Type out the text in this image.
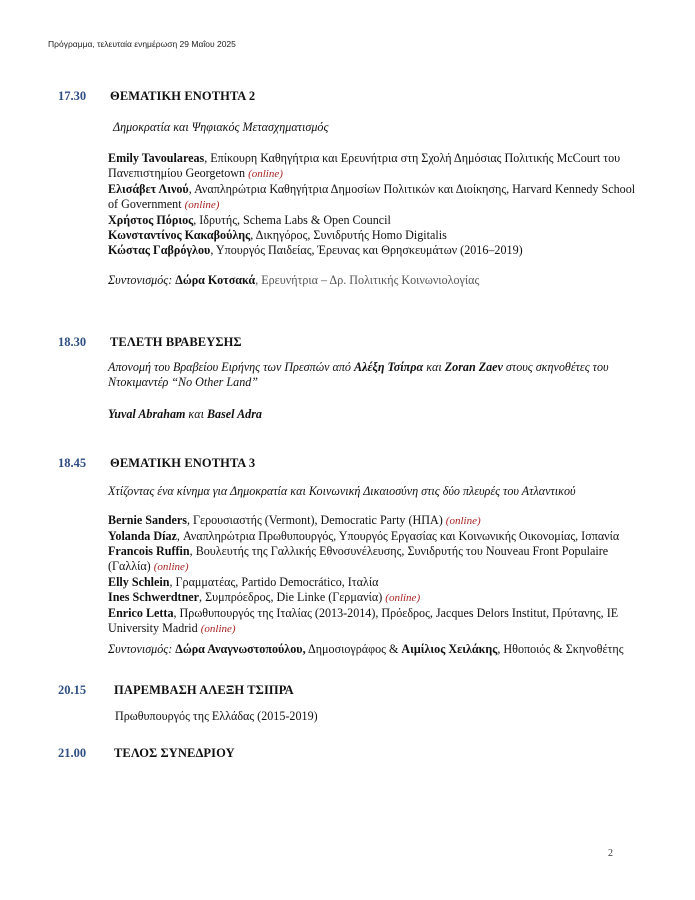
Πρόγραμμα, τελευταία ενημέρωση 29 Μαΐου 2025
17.30 ΘΕΜΑΤΙΚΗ ΕΝΟΤΗΤΑ 2
Δημοκρατία και Ψηφιακός Μετασχηματισμός

Emily Tavoulareas, Επίκουρη Καθηγήτρια και Ερευνήτρια στη Σχολή Δημόσιας Πολιτικής McCourt του Πανεπιστημίου Georgetown (online)

Ελισάβετ Λινού, Αναπληρώτρια Καθηγήτρια Δημοσίων Πολιτικών και Διοίκησης, Harvard Kennedy School of Government (online)

Χρήστος Πόριος, Ιδρυτής, Schema Labs & Open Council

Κωνσταντίνος Κακαβούλης, Δικηγόρος, Συνιδρυτής Homo Digitalis

Κώστας Γαβρόγλου, Υπουργός Παιδείας, Έρευνας και Θρησκευμάτων (2016–2019)

Συντονισμός: Δώρα Κοτσακά, Ερευνήτρια – Δρ. Πολιτικής Κοινωνιολογίας
18.30 ΤΕΛΕΤΗ ΒΡΑΒΕΥΣΗΣ
Απονομή του Βραβείου Ειρήνης των Πρεσπών από Αλέξη Τσίπρα και Zoran Zaev στους σκηνοθέτες του Ντοκιμαντέρ “No Other Land”
Yuval Abraham και Basel Adra
18.45 ΘΕΜΑΤΙΚΗ ΕΝΟΤΗΤΑ 3
Χτίζοντας ένα κίνημα για Δημοκρατία και Κοινωνική Δικαιοσύνη στις δύο πλευρές του Ατλαντικού

Bernie Sanders, Γερουσιαστής (Vermont), Democratic Party (ΗΠΑ) (online)

Yolanda Díaz, Αναπληρώτρια Πρωθυπουργός, Υπουργός Εργασίας και Κοινωνικής Οικονομίας, Ισπανία

Francois Ruffin, Βουλευτής της Γαλλικής Εθνοσυνέλευσης, Συνιδρυτής του Nouveau Front Populaire (Γαλλία) (online)

Elly Schlein, Γραμματέας, Partido Democrático, Ιταλία

Ines Schwerdtner, Συμπρόεδρος, Die Linke (Γερμανία) (online)

Enrico Letta, Πρωθυπουργός της Ιταλίας (2013-2014), Πρόεδρος, Jacques Delors Institut, Πρύτανης, IE University Madrid (online)

Συντονισμός: Δώρα Αναγνωστοπούλου, Δημοσιογράφος & Αιμίλιος Χειλάκης, Ηθοποιός & Σκηνοθέτης
20.15 ΠΑΡΕΜΒΑΣΗ ΑΛΕΞΗ ΤΣΙΠΡΑ
Πρωθυπουργός της Ελλάδας (2015-2019)
21.00 ΤΕΛΟΣ ΣΥΝΕΔΡΙΟΥ
2
